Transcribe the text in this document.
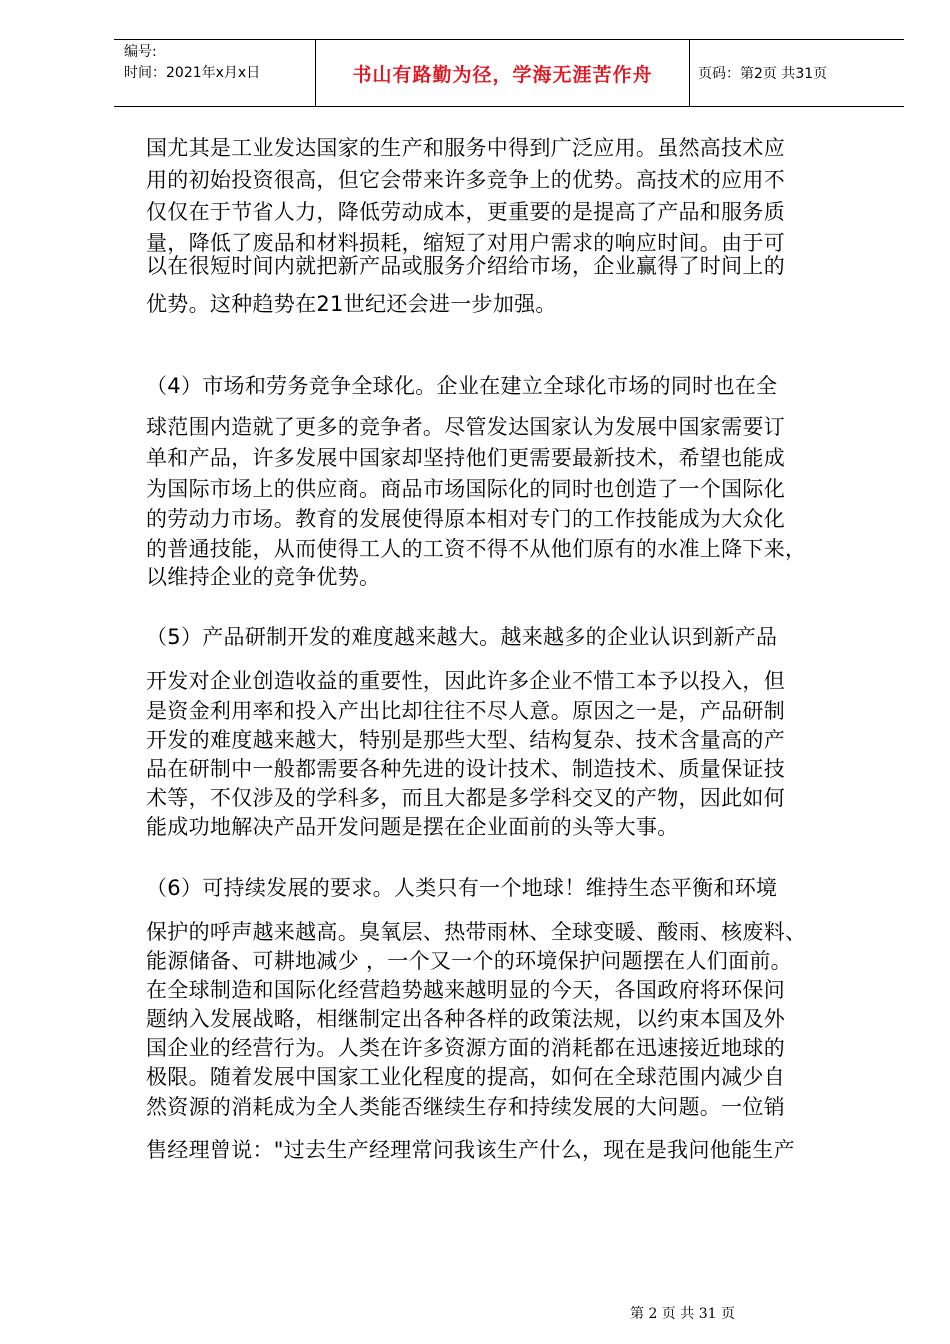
编号:
时间：2021年x月x日	书山有路勤为径，学海无涯苦作舟	页码：第2页 共31页
国尤其是工业发达国家的生产和服务中得到广泛应用。虽然高技术应
用的初始投资很高，但它会带来许多竞争上的优势。高技术的应用不
仅仅在于节省人力，降低劳动成本，更重要的是提高了产品和服务质
量，降低了废品和材料损耗，缩短了对用户需求的响应时间。由于可
以在很短时间内就把新产品或服务介绍给市场，企业赢得了时间上的
优势。这种趋势在21世纪还会进一步加强。
（4）市场和劳务竞争全球化。企业在建立全球化市场的同时也在全
球范围内造就了更多的竞争者。尽管发达国家认为发展中国家需要订
单和产品，许多发展中国家却坚持他们更需要最新技术，希望也能成
为国际市场上的供应商。商品市场国际化的同时也创造了一个国际化
的劳动力市场。教育的发展使得原本相对专门的工作技能成为大众化
的普通技能，从而使得工人的工资不得不从他们原有的水准上降下来，
以维持企业的竞争优势。
（5）产品研制开发的难度越来越大。越来越多的企业认识到新产品
开发对企业创造收益的重要性，因此许多企业不惜工本予以投入，但
是资金利用率和投入产出比却往往不尽人意。原因之一是，产品研制
开发的难度越来越大，特别是那些大型、结构复杂、技术含量高的产
品在研制中一般都需要各种先进的设计技术、制造技术、质量保证技
术等，不仅涉及的学科多，而且大都是多学科交叉的产物，因此如何
能成功地解决产品开发问题是摆在企业面前的头等大事。
（6）可持续发展的要求。人类只有一个地球！维持生态平衡和环境
保护的呼声越来越高。臭氧层、热带雨林、全球变暖、酸雨、核废料、
能源储备、可耕地减少 ，一个又一个的环境保护问题摆在人们面前。
在全球制造和国际化经营趋势越来越明显的今天，各国政府将环保问
题纳入发展战略，相继制定出各种各样的政策法规，以约束本国及外
国企业的经营行为。人类在许多资源方面的消耗都在迅速接近地球的
极限。随着发展中国家工业化程度的提高，如何在全球范围内减少自
然资源的消耗成为全人类能否继续生存和持续发展的大问题。一位销
售经理曾说："过去生产经理常问我该生产什么，现在是我问他能生产
第 2 页 共 31 页
